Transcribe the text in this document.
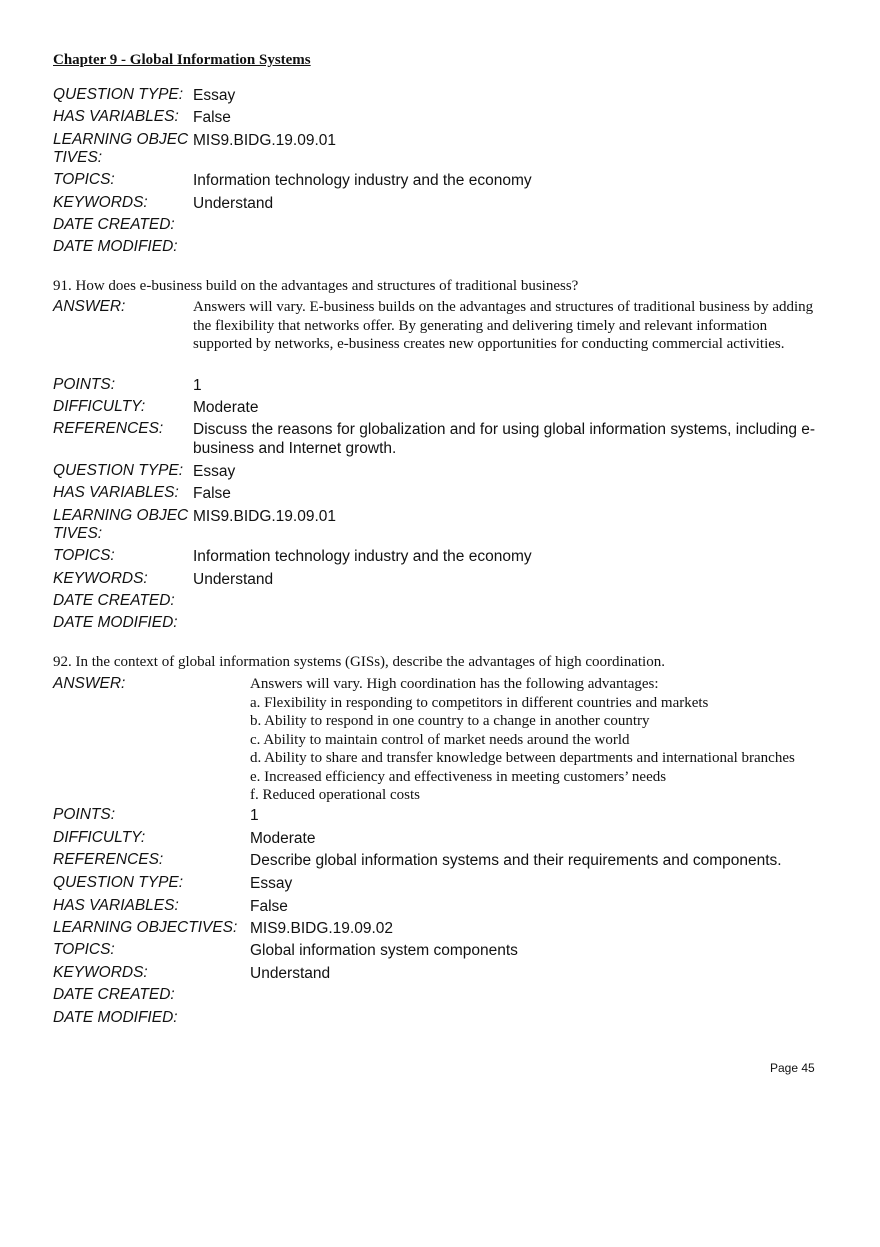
Chapter 9 - Global Information Systems
QUESTION TYPE: Essay
HAS VARIABLES: False
LEARNING OBJEC TIVES:
MIS9.BIDG.19.09.01
TOPICS:	Information technology industry and the economy
KEYWORDS:	Understand
DATE CREATED:
DATE MODIFIED:
91. How does e-business build on the advantages and structures of traditional business?
ANSWER:	Answers will vary. E-business builds on the advantages and structures of traditional business by adding the flexibility that networks offer. By generating and delivering timely and relevant information supported by networks, e-business creates new opportunities for conducting commercial activities.
POINTS:	1
DIFFICULTY:	Moderate
REFERENCES: Discuss the reasons for globalization and for using global information systems, including e-business and Internet growth.
QUESTION TYPE: Essay
HAS VARIABLES: False
LEARNING OBJEC TIVES:
MIS9.BIDG.19.09.01
TOPICS:	Information technology industry and the economy
KEYWORDS:	Understand
DATE CREATED:
DATE MODIFIED:
92. In the context of global information systems (GISs), describe the advantages of high coordination.
ANSWER:	Answers will vary. High coordination has the following advantages:

a. Flexibility in responding to competitors in different countries and markets

b. Ability to respond in one country to a change in another country

c. Ability to maintain control of market needs around the world

d. Ability to share and transfer knowledge between departments and international branches

e. Increased efficiency and effectiveness in meeting customers’ needs

f. Reduced operational costs

POINTS:	1
DIFFICULTY:	Moderate
REFERENCES:	Describe global information systems and their requirements and components.
QUESTION TYPE:	Essay
HAS VARIABLES:	False
LEARNING OBJECTIVES: MIS9.BIDG.19.09.02
TOPICS:	Global information system components
KEYWORDS:	Understand
DATE CREATED:
DATE MODIFIED:
Page 45
